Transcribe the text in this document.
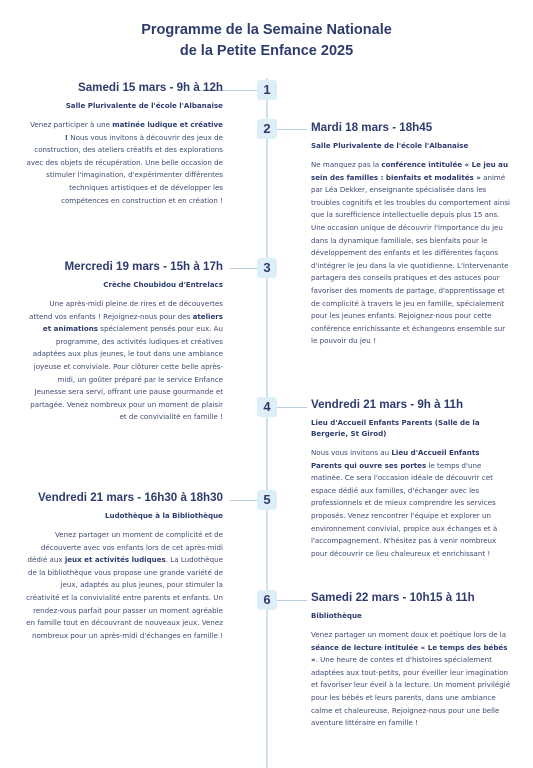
Programme de la Semaine Nationale
de la Petite Enfance 2025
1
Samedi 15 mars - 9h à 12h
Salle Plurivalente de l'école l'Albanaise
Venez participer à une matinée ludique et créative ! Nous vous invitons à découvrir des jeux de construction, des ateliers créatifs et des explorations avec des objets de récupération. Une belle occasion de stimuler l'imagination, d'expérimenter différentes techniques artistiques et de développer les compétences en construction et en création !
2	Mardi 18 mars - 18h45
Salle Plurivalente de l'école l'Albanaise
Ne manquez pas la conférence intitulée « Le jeu au sein des familles : bienfaits et modalités » animé par Léa Dekker, enseignante spécialisée dans les troubles cognitifs et les troubles du comportement ainsi que la surefficience intellectuelle depuis plus 15 ans. Une occasion unique de découvrir l'importance du jeu dans la dynamique familiale, ses bienfaits pour le développement des enfants et les différentes façons d'intégrer le jeu dans la vie quotidienne. L'intervenante partagera des conseils pratiques et des astuces pour favoriser des moments de partage, d'apprentissage et de complicité à travers le jeu en famille, spécialement pour les jeunes enfants. Rejoignez-nous pour cette conférence enrichissante et échangeons ensemble sur le pouvoir du jeu !
3
Mercredi 19 mars - 15h à 17h
Crèche Choubidou d'Entrelacs
Une après-midi pleine de rires et de découvertes attend vos enfants ! Rejoignez-nous pour des ateliers et animations spécialement pensés pour eux. Au programme, des activités ludiques et créatives adaptées aux plus jeunes, le tout dans une ambiance joyeuse et conviviale. Pour clôturer cette belle après-midi, un goûter préparé par le service Enfance Jeunesse sera servi, offrant une pause gourmande et partagée. Venez nombreux pour un moment de plaisir et de convivialité en famille !
4	Vendredi 21 mars - 9h à 11h
Lieu d'Accueil Enfants Parents (Salle de la Bergerie, St Girod)
Nous vous invitons au Lieu d'Accueil Enfants Parents qui ouvre ses portes le temps d'une matinée. Ce sera l'occasion idéale de découvrir cet espace dédié aux familles, d'échanger avec les professionnels et de mieux comprendre les services proposés. Venez rencontrer l'équipe et explorer un environnement convivial, propice aux échanges et à l'accompagnement. N'hésitez pas à venir nombreux pour découvrir ce lieu chaleureux et enrichissant !
5
Vendredi 21 mars - 16h30 à 18h30
Ludothèque à la Bibliothèque
Venez partager un moment de complicité et de découverte avec vos enfants lors de cet après-midi dédié aux jeux et activités ludiques. La Ludothèque de la bibliothèque vous propose une grande variété de jeux, adaptés au plus jeunes, pour stimuler la créativité et la convivialité entre parents et enfants. Un rendez-vous parfait pour passer un moment agréable en famille tout en découvrant de nouveaux jeux. Venez nombreux pour un après-midi d'échanges en famille !
6	Samedi 22 mars - 10h15 à 11h
Bibliothèque
Venez partager un moment doux et poétique lors de la séance de lecture intitulée « Le temps des bébés ». Une heure de contes et d'histoires spécialement adaptées aux tout-petits, pour éveiller leur imagination et favoriser leur éveil à la lecture. Un moment privilégié pour les bébés et leurs parents, dans une ambiance calme et chaleureuse. Rejoignez-nous pour une belle aventure littéraire en famille !
